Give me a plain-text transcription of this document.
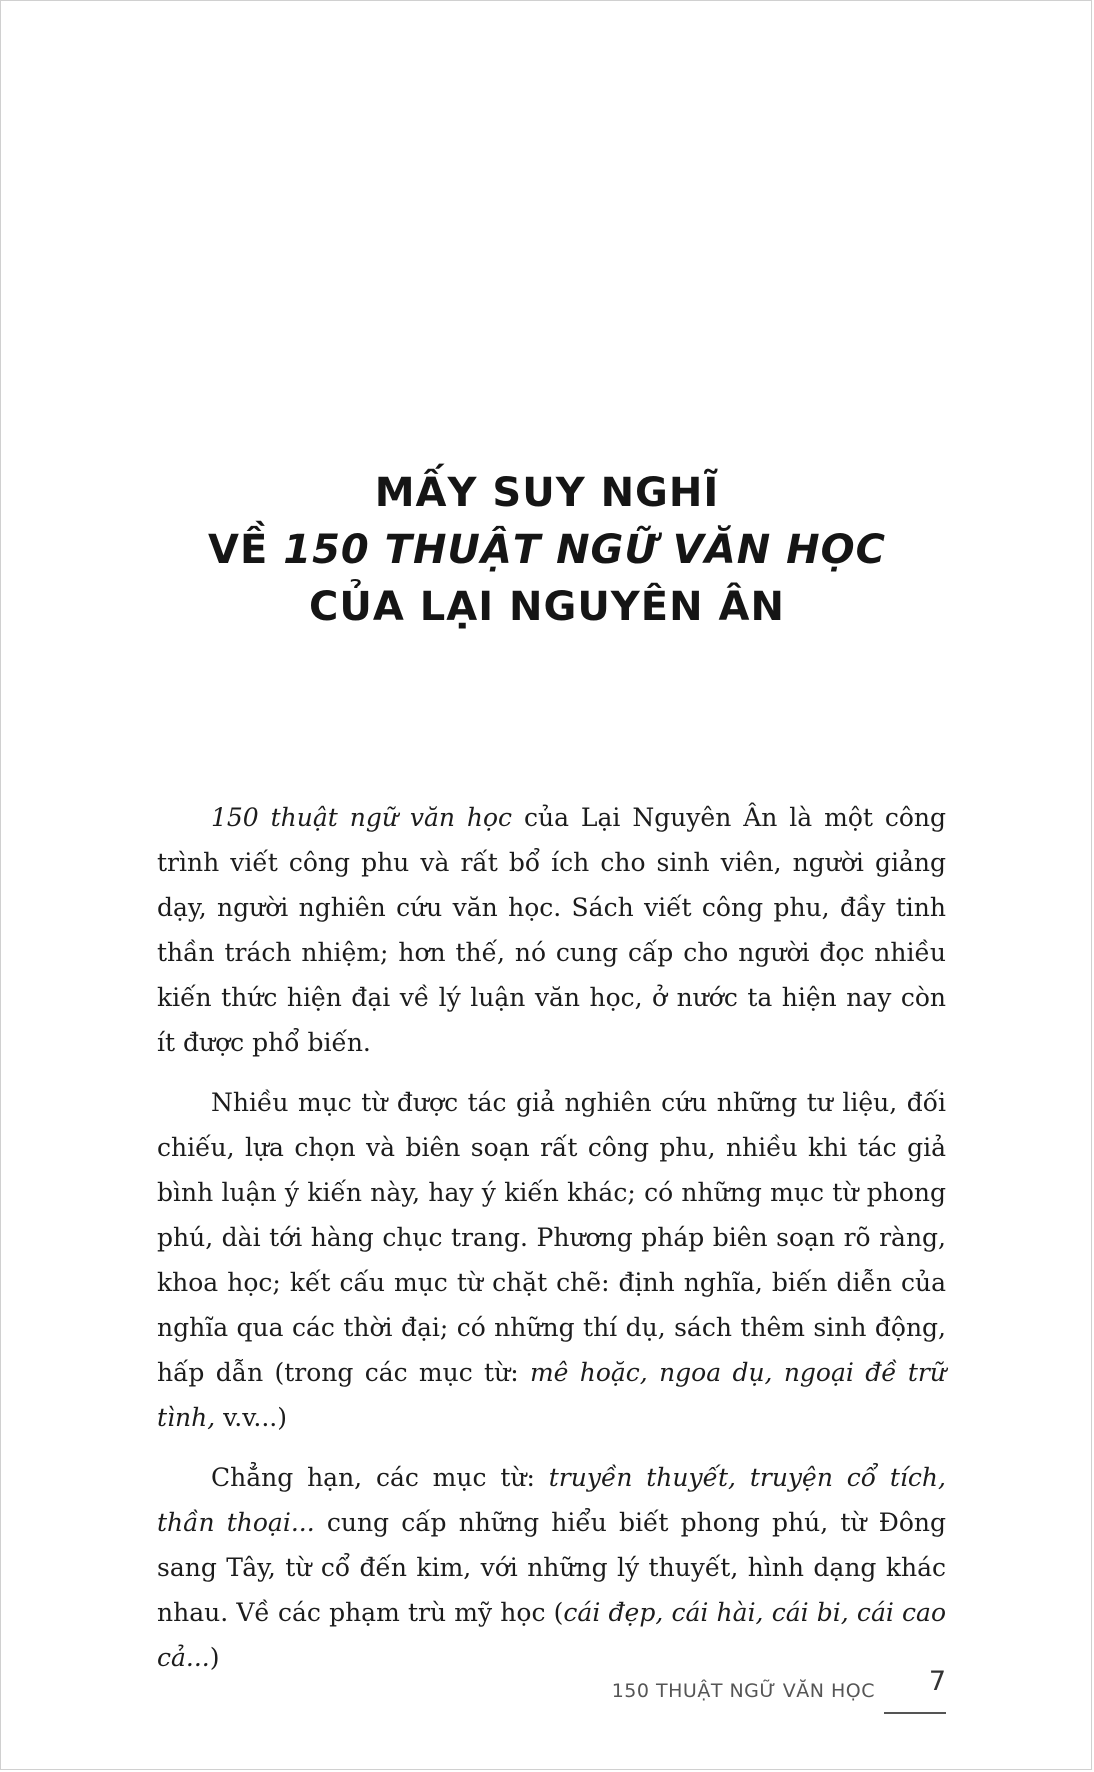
MẤY SUY NGHĨ
VỀ 150 THUẬT NGỮ VĂN HỌC
CỦA LẠI NGUYÊN ÂN

150 thuật ngữ văn học của Lại Nguyên Ân là một công trình viết công phu và rất bổ ích cho sinh viên, người giảng dạy, người nghiên cứu văn học. Sách viết công phu, đầy tinh thần trách nhiệm; hơn thế, nó cung cấp cho người đọc nhiều kiến thức hiện đại về lý luận văn học, ở nước ta hiện nay còn ít được phổ biến.

Nhiều mục từ được tác giả nghiên cứu những tư liệu, đối chiếu, lựa chọn và biên soạn rất công phu, nhiều khi tác giả bình luận ý kiến này, hay ý kiến khác; có những mục từ phong phú, dài tới hàng chục trang. Phương pháp biên soạn rõ ràng, khoa học; kết cấu mục từ chặt chẽ: định nghĩa, biến diễn của nghĩa qua các thời đại; có những thí dụ, sách thêm sinh động, hấp dẫn (trong các mục từ: mê hoặc, ngoa dụ, ngoại đề trữ tình, v.v...)

Chẳng hạn, các mục từ: truyền thuyết, truyện cổ tích, thần thoại... cung cấp những hiểu biết phong phú, từ Đông sang Tây, từ cổ đến kim, với những lý thuyết, hình dạng khác nhau. Về các phạm trù mỹ học (cái đẹp, cái hài, cái bi, cái cao cả...)

150 THUẬT NGỮ VĂN HỌC	7
